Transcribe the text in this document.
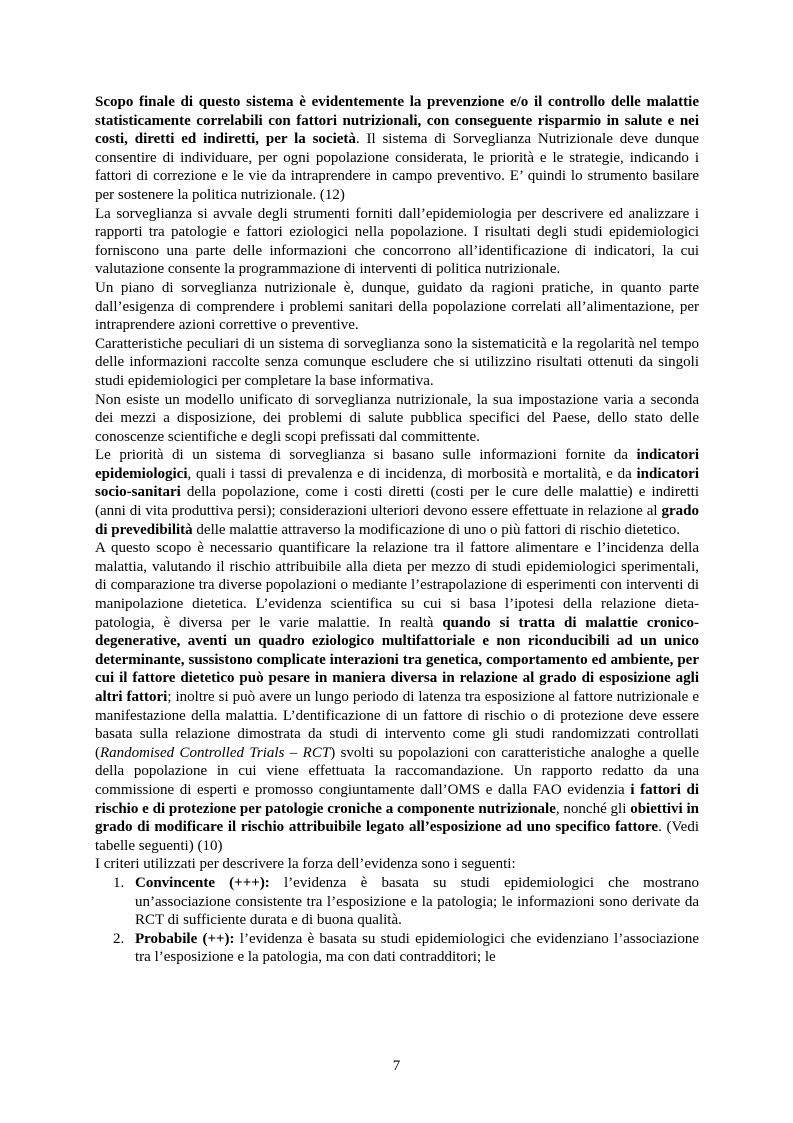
Scopo finale di questo sistema è evidentemente la prevenzione e/o il controllo delle malattie statisticamente correlabili con fattori nutrizionali, con conseguente risparmio in salute e nei costi, diretti ed indiretti, per la società. Il sistema di Sorveglianza Nutrizionale deve dunque consentire di individuare, per ogni popolazione considerata, le priorità e le strategie, indicando i fattori di correzione e le vie da intraprendere in campo preventivo. E’ quindi lo strumento basilare per sostenere la politica nutrizionale. (12)

La sorveglianza si avvale degli strumenti forniti dall’epidemiologia per descrivere ed analizzare i rapporti tra patologie e fattori eziologici nella popolazione. I risultati degli studi epidemiologici forniscono una parte delle informazioni che concorrono all’identificazione di indicatori, la cui valutazione consente la programmazione di interventi di politica nutrizionale.

Un piano di sorveglianza nutrizionale è, dunque, guidato da ragioni pratiche, in quanto parte dall’esigenza di comprendere i problemi sanitari della popolazione correlati all’alimentazione, per intraprendere azioni correttive o preventive.

Caratteristiche peculiari di un sistema di sorveglianza sono la sistematicità e la regolarità nel tempo delle informazioni raccolte senza comunque escludere che si utilizzino risultati ottenuti da singoli studi epidemiologici per completare la base informativa.

Non esiste un modello unificato di sorveglianza nutrizionale, la sua impostazione varia a seconda dei mezzi a disposizione, dei problemi di salute pubblica specifici del Paese, dello stato delle conoscenze scientifiche e degli scopi prefissati dal committente.

Le priorità di un sistema di sorveglianza si basano sulle informazioni fornite da indicatori epidemiologici, quali i tassi di prevalenza e di incidenza, di morbosità e mortalità, e da indicatori socio-sanitari della popolazione, come i costi diretti (costi per le cure delle malattie) e indiretti (anni di vita produttiva persi); considerazioni ulteriori devono essere effettuate in relazione al grado di prevedibilità delle malattie attraverso la modificazione di uno o più fattori di rischio dietetico.

A questo scopo è necessario quantificare la relazione tra il fattore alimentare e l’incidenza della malattia, valutando il rischio attribuibile alla dieta per mezzo di studi epidemiologici sperimentali, di comparazione tra diverse popolazioni o mediante l’estrapolazione di esperimenti con interventi di manipolazione dietetica. L’evidenza scientifica su cui si basa l’ipotesi della relazione dieta-patologia, è diversa per le varie malattie. In realtà quando si tratta di malattie cronico-degenerative, aventi un quadro eziologico multifattoriale e non riconducibili ad un unico determinante, sussistono complicate interazioni tra genetica, comportamento ed ambiente, per cui il fattore dietetico può pesare in maniera diversa in relazione al grado di esposizione agli altri fattori; inoltre si può avere un lungo periodo di latenza tra esposizione al fattore nutrizionale e manifestazione della malattia. L’dentificazione di un fattore di rischio o di protezione deve essere basata sulla relazione dimostrata da studi di intervento come gli studi randomizzati controllati (Randomised Controlled Trials – RCT) svolti su popolazioni con caratteristiche analoghe a quelle della popolazione in cui viene effettuata la raccomandazione. Un rapporto redatto da una commissione di esperti e promosso congiuntamente dall’OMS e dalla FAO evidenzia i fattori di rischio e di protezione per patologie croniche a componente nutrizionale, nonché gli obiettivi in grado di modificare il rischio attribuibile legato all’esposizione ad uno specifico fattore. (Vedi tabelle seguenti) (10)

I criteri utilizzati per descrivere la forza dell’evidenza sono i seguenti:

1. Convincente (+++): l’evidenza è basata su studi epidemiologici che mostrano un’associazione consistente tra l’esposizione e la patologia; le informazioni sono derivate da RCT di sufficiente durata e di buona qualità.
2. Probabile (++): l’evidenza è basata su studi epidemiologici che evidenziano l’associazione tra l’esposizione e la patologia, ma con dati contradditori; le
7
